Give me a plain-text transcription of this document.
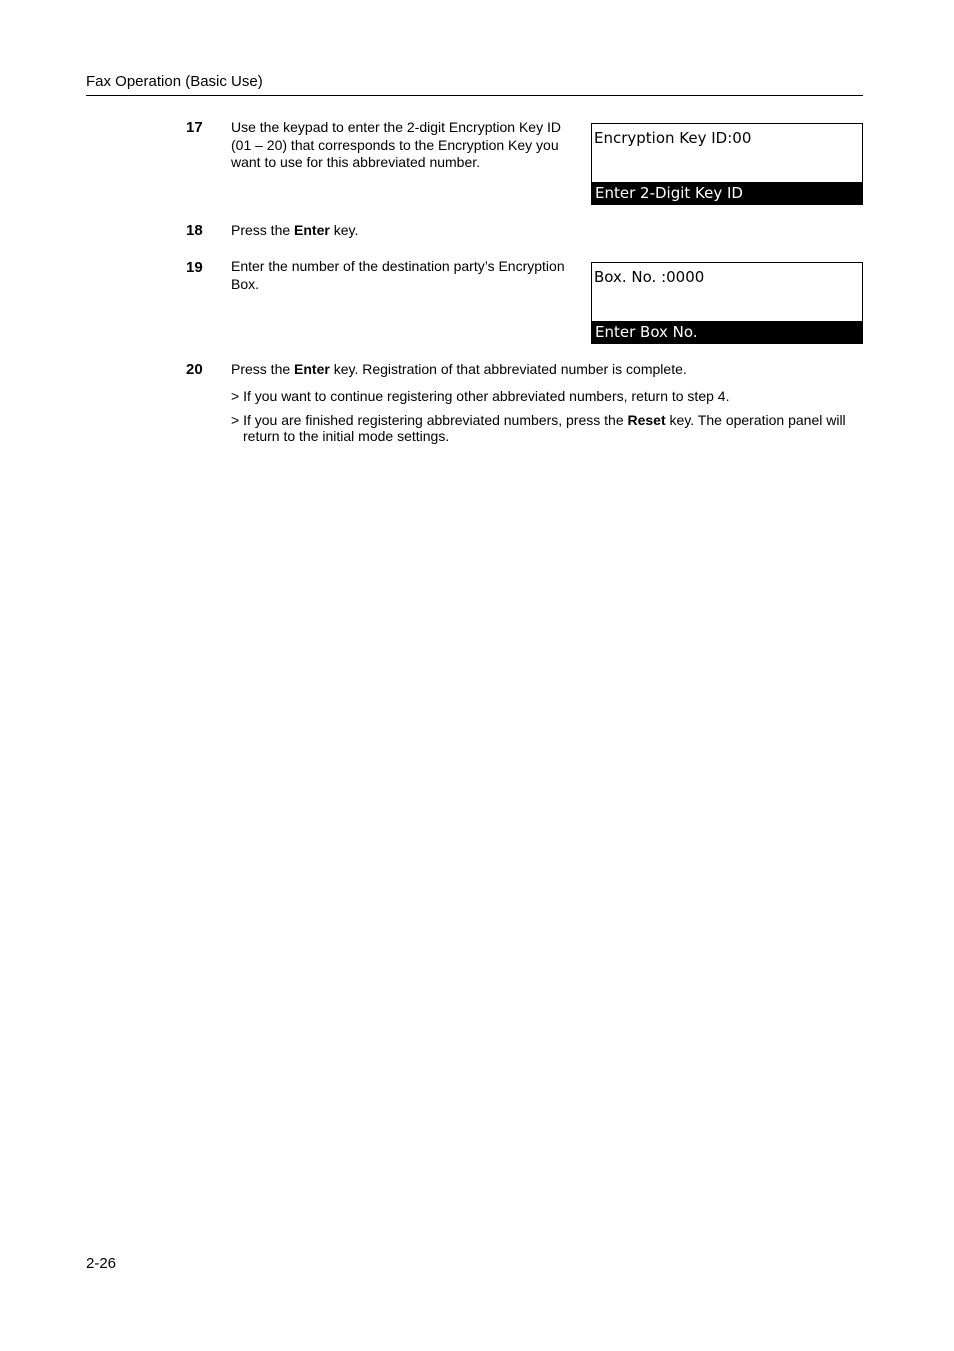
Fax Operation (Basic Use)
17 Use the keypad to enter the 2-digit Encryption Key ID (01 – 20) that corresponds to the Encryption Key you want to use for this abbreviated number.
Encryption Key ID:00
Enter 2-Digit Key ID
18 Press the Enter key.
19 Enter the number of the destination party’s Encryption Box.	Box. No. :0000
Enter Box No.
20 Press the Enter key. Registration of that abbreviated number is complete.
> If you want to continue registering other abbreviated numbers, return to step 4.
> If you are finished registering abbreviated numbers, press the Reset key. The operation panel will
return to the initial mode settings.
2-26
